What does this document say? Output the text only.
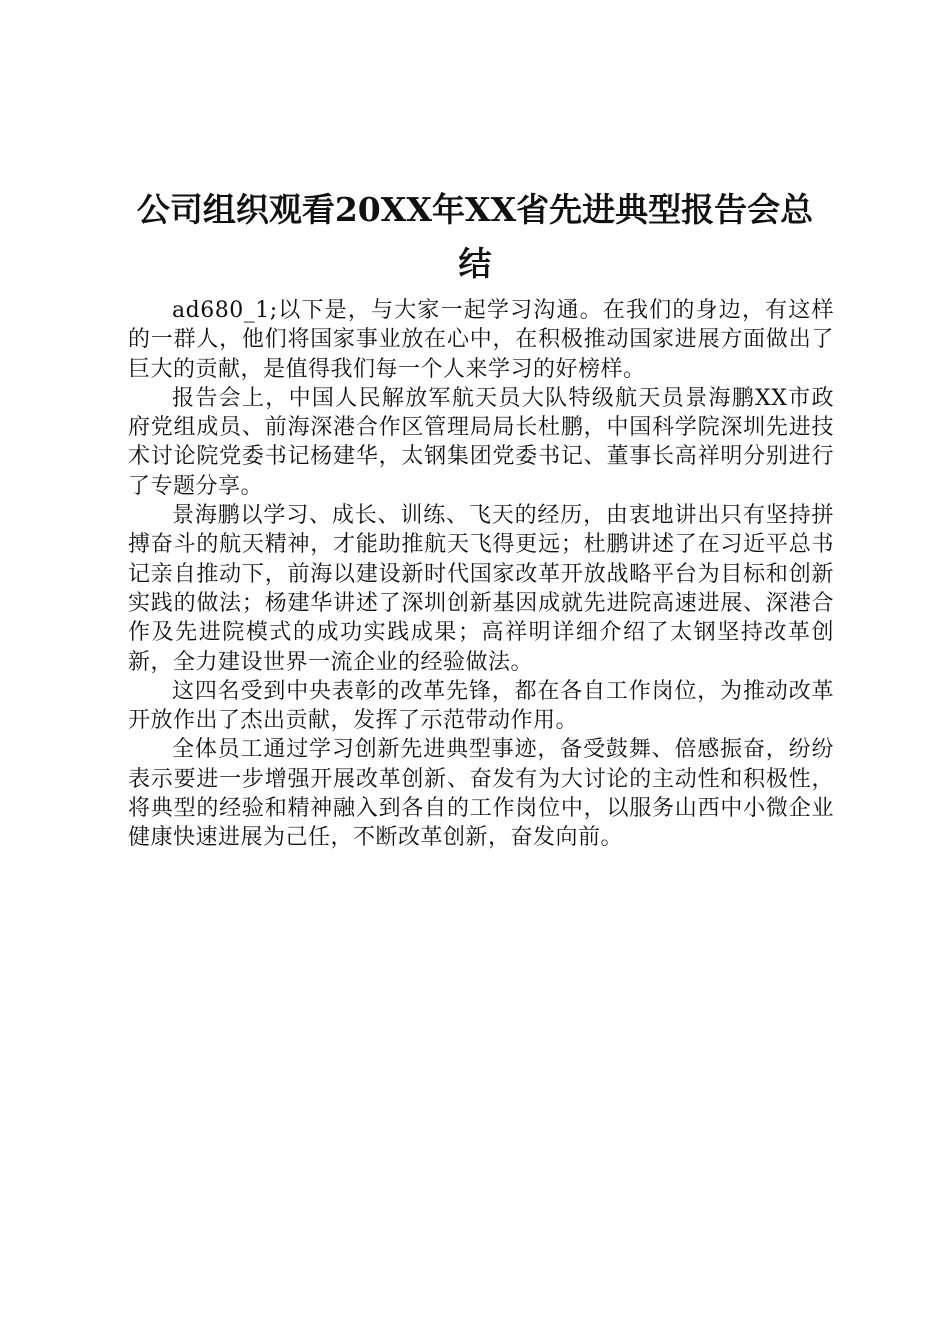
公司组织观看20XX年XX省先进典型报告会总结

ad680_1;以下是，与大家一起学习沟通。在我们的身边，有这样的一群人，他们将国家事业放在心中，在积极推动国家进展方面做出了巨大的贡献，是值得我们每一个人来学习的好榜样。

报告会上，中国人民解放军航天员大队特级航天员景海鹏XX市政府党组成员、前海深港合作区管理局局长杜鹏，中国科学院深圳先进技术讨论院党委书记杨建华，太钢集团党委书记、董事长高祥明分别进行了专题分享。

景海鹏以学习、成长、训练、飞天的经历，由衷地讲出只有坚持拼搏奋斗的航天精神，才能助推航天飞得更远；杜鹏讲述了在习近平总书记亲自推动下，前海以建设新时代国家改革开放战略平台为目标和创新实践的做法；杨建华讲述了深圳创新基因成就先进院高速进展、深港合作及先进院模式的成功实践成果；高祥明详细介绍了太钢坚持改革创新，全力建设世界一流企业的经验做法。

这四名受到中央表彰的改革先锋，都在各自工作岗位，为推动改革开放作出了杰出贡献，发挥了示范带动作用。

全体员工通过学习创新先进典型事迹，备受鼓舞、倍感振奋，纷纷表示要进一步增强开展改革创新、奋发有为大讨论的主动性和积极性，将典型的经验和精神融入到各自的工作岗位中，以服务山西中小微企业健康快速进展为己任，不断改革创新，奋发向前。
